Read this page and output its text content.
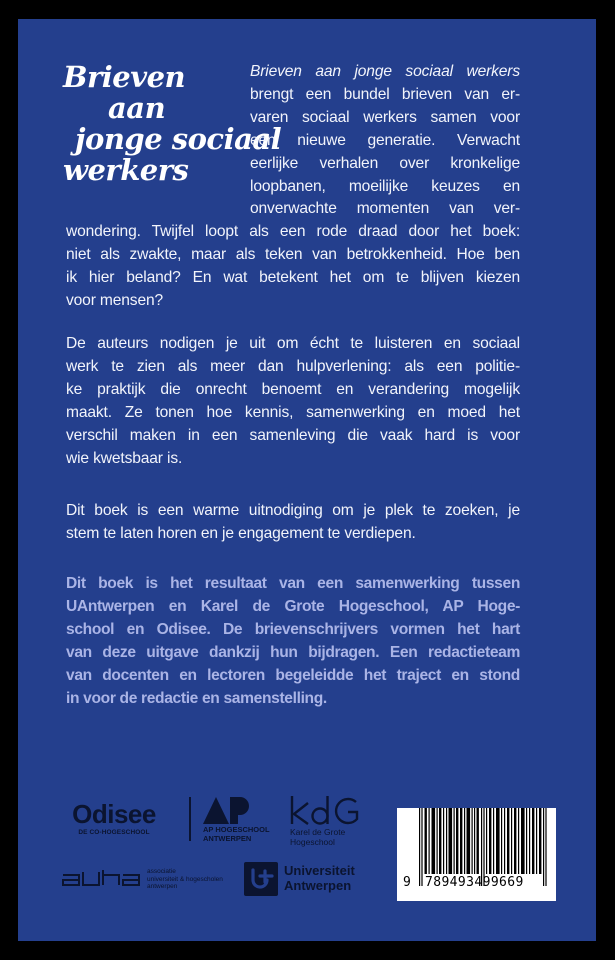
Brieven
aan
jonge sociaal
werkers
Brieven aan jonge sociaal werkers
brengt een bundel brieven van er-
varen sociaal werkers samen voor
een nieuwe generatie. Verwacht
eerlijke verhalen over kronkelige
loopbanen, moeilijke keuzes en
onverwachte momenten van ver-
wondering. Twijfel loopt als een rode draad door het boek:
niet als zwakte, maar als teken van betrokkenheid. Hoe ben
ik hier beland? En wat betekent het om te blijven kiezen
voor mensen?
De auteurs nodigen je uit om écht te luisteren en sociaal
werk te zien als meer dan hulpverlening: als een politie-
ke praktijk die onrecht benoemt en verandering mogelijk
maakt. Ze tonen hoe kennis, samenwerking en moed het
verschil maken in een samenleving die vaak hard is voor
wie kwetsbaar is.
Dit boek is een warme uitnodiging om je plek te zoeken, je
stem te laten horen en je engagement te verdiepen.
Dit boek is het resultaat van een samenwerking tussen
UAntwerpen en Karel de Grote Hogeschool, AP Hoge-
school en Odisee. De brievenschrijvers vormen het hart
van deze uitgave dankzij hun bijdragen. Een redactieteam
van docenten en lectoren begeleidde het traject en stond
in voor de redactie en samenstelling.
Odisee
DE CO-HOGESCHOOL	AP HOGESCHOOL
ANTWERPEN
Karel de Grote
Hogeschool
associatie
universiteit & hogescholen
antwerpen
Universiteit
Antwerpen	9 789493499669
